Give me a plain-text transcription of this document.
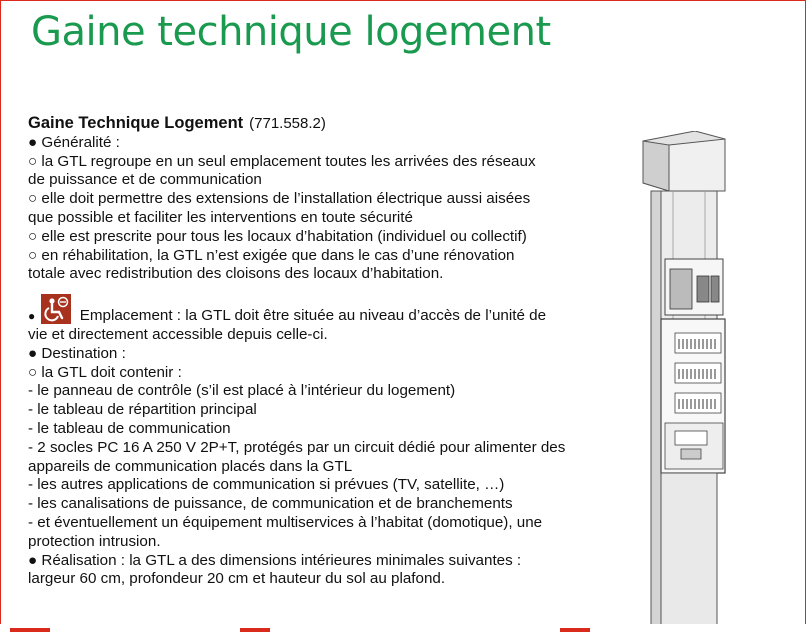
Gaine technique logement
Gaine Technique Logement (771.558.2)
● Généralité :
○ la GTL regroupe en un seul emplacement toutes les arrivées des réseaux
de puissance et de communication
○ elle doit permettre des extensions de l’installation électrique aussi aisées
que possible et faciliter les interventions en toute sécurité
○ elle est prescrite pour tous les locaux d’habitation (individuel ou collectif)
○ en réhabilitation, la GTL n’est exigée que dans le cas d’une rénovation
totale avec redistribution des cloisons des locaux d’habitation.
●	Emplacement : la GTL doit être située au niveau d’accès de l’unité de
vie et directement accessible depuis celle-ci.
● Destination :
○ la GTL doit contenir :
- le panneau de contrôle (s’il est placé à l’intérieur du logement)
- le tableau de répartition principal
- le tableau de communication
- 2 socles PC 16 A 250 V 2P+T, protégés par un circuit dédié pour alimenter des
appareils de communication placés dans la GTL
- les autres applications de communication si prévues (TV, satellite, …)
- les canalisations de puissance, de communication et de branchements
- et éventuellement un équipement multiservices à l’habitat (domotique), une
protection intrusion.
● Réalisation : la GTL a des dimensions intérieures minimales suivantes :
largeur 60 cm, profondeur 20 cm et hauteur du sol au plafond.
